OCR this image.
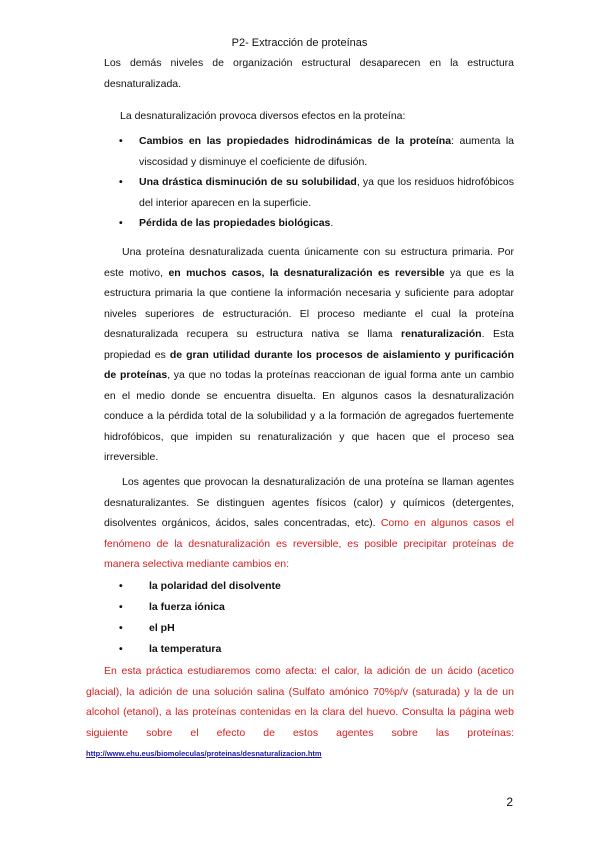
P2- Extracción de proteínas
Los demás niveles de organización estructural desaparecen en la estructura desnaturalizada.
La desnaturalización provoca diversos efectos en la proteína:
• Cambios en las propiedades hidrodinámicas de la proteína: aumenta la viscosidad y disminuye el coeficiente de difusión.
• Una drástica disminución de su solubilidad, ya que los residuos hidrofóbicos del interior aparecen en la superficie.
• Pérdida de las propiedades biológicas.
Una proteína desnaturalizada cuenta únicamente con su estructura primaria. Por este motivo, en muchos casos, la desnaturalización es reversible ya que es la estructura primaria la que contiene la información necesaria y suficiente para adoptar niveles superiores de estructuración. El proceso mediante el cual la proteína desnaturalizada recupera su estructura nativa se llama renaturalización. Esta propiedad es de gran utilidad durante los procesos de aislamiento y purificación de proteínas, ya que no todas la proteínas reaccionan de igual forma ante un cambio en el medio donde se encuentra disuelta. En algunos casos la desnaturalización conduce a la pérdida total de la solubilidad y a la formación de agregados fuertemente hidrofóbicos, que impiden su renaturalización y que hacen que el proceso sea irreversible.
Los agentes que provocan la desnaturalización de una proteína se llaman agentes desnaturalizantes. Se distinguen agentes físicos (calor) y químicos (detergentes, disolventes orgánicos, ácidos, sales concentradas, etc). Como en algunos casos el fenómeno de la desnaturalización es reversible, es posible precipitar proteínas de manera selectiva mediante cambios en:
•	la polaridad del disolvente
•	la fuerza iónica
•	el pH
•	la temperatura
En esta práctica estudiaremos como afecta: el calor, la adición de un ácido (acetico glacial), la adición de una solución salina (Sulfato amónico 70%p/v (saturada) y la de un alcohol (etanol), a las proteínas contenidas en la clara del huevo. Consulta la página web siguiente sobre el efecto de estos agentes sobre las proteínas: http://www.ehu.eus/biomoleculas/proteinas/desnaturalizacion.htm
2
